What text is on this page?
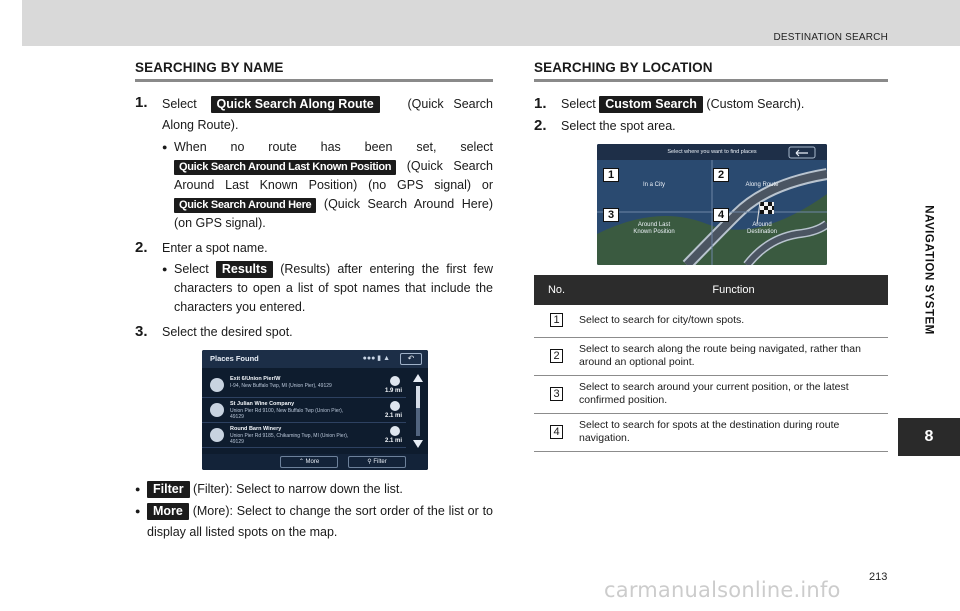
DESTINATION SEARCH
NAVIGATION SYSTEM
8
SEARCHING BY NAME
1. Select Quick Search Along Route	(Quick Search Along Route).
● When no route has been set, select Quick Search Around Last Known Position (Quick Search Around Last Known Position) (no GPS signal) or Quick Search Around Here (Quick Search Around Here) (on GPS signal).
2. Enter a spot name.
● Select Results (Results) after entering the first few characters to open a list of spot names that include the characters you entered.
3. Select the desired spot.
Places Found	●●● ▮ ▲	↶
Exit 6/Union Pier/W
I-94, New Buffalo Twp, MI (Union Pier), 49129
1.9 mi
St Julian Wine Company
Union Pier Rd 9100, New Buffalo Twp (Union Pier), 49129	2.1 mi
Round Barn Winery
Union Pier Rd 9185, Chikaming Twp, MI (Union Pier), 49129	2.1 mi
⌃ More	⚲ Filter
● Filter (Filter): Select to narrow down the list.
● More (More): Select to change the sort order of the list or to display all listed spots on the map.
SEARCHING BY LOCATION
1. Select Custom Search (Custom Search).
2. Select the spot area.
Select where you want to find places
In a City	Along Route
Around Last Known Position
Around Destination
1	2
3	4
No.	Function
1	Select to search for city/town spots.
2	Select to search along the route being navigated, rather than around an optional point.
3	Select to search around your current position, or the latest confirmed position.
4	Select to search for spots at the destination during route navigation.
213
carmanualsonline.info
